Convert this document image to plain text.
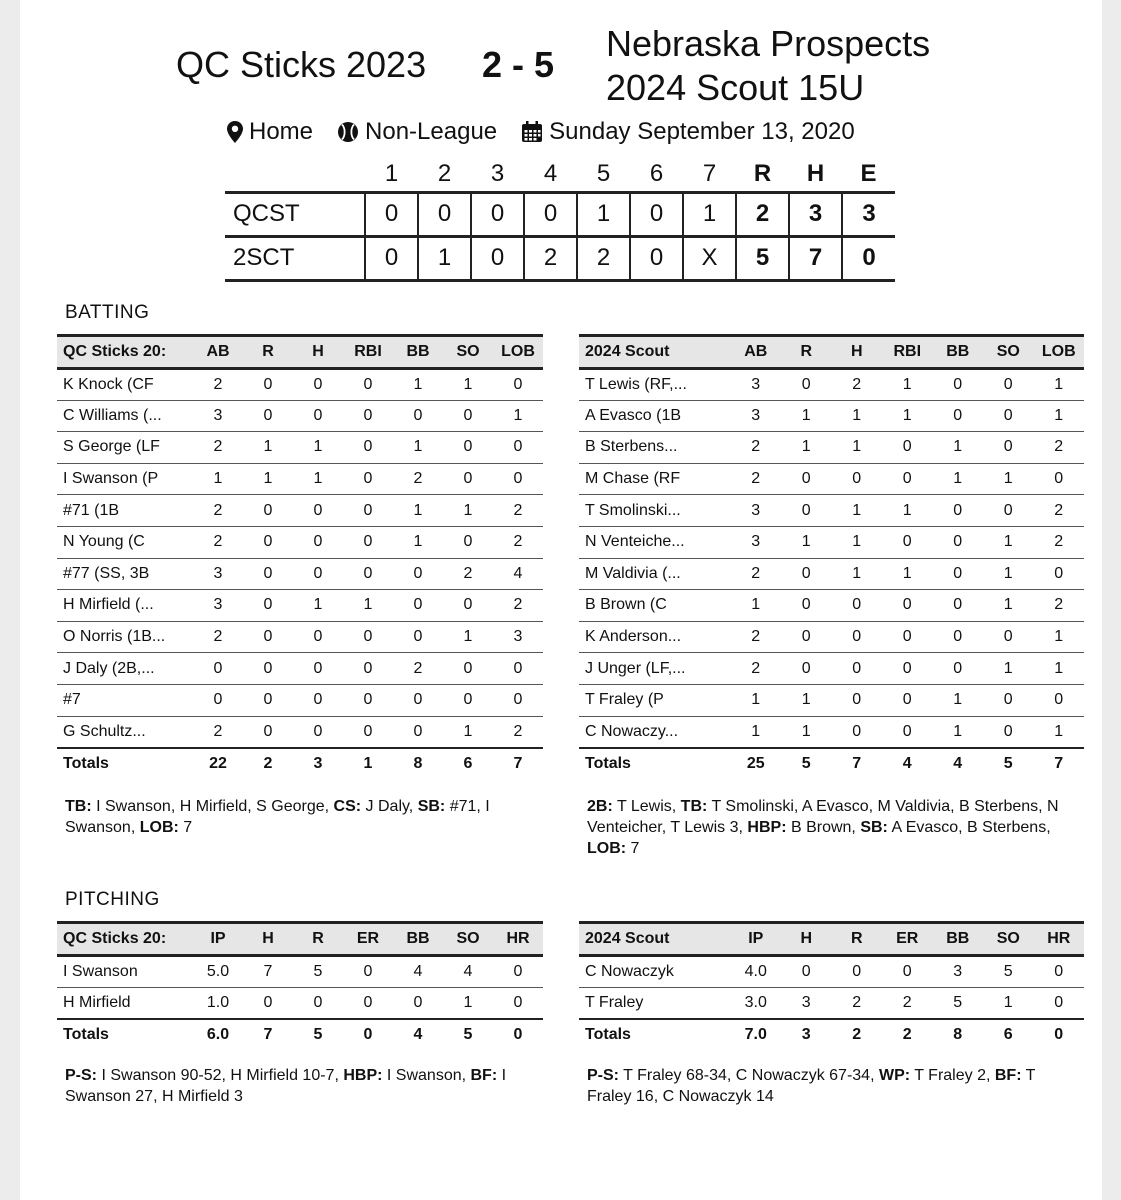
QC Sticks 2023 2 - 5
Nebraska Prospects
2024 Scout 15U
Home Non-League Sunday September 13, 2020
	1	2	3	4	5	6	7	R	H	E
QCST	0	0	0	0	1	0	1	2	3	3
2SCT	0	1	0	2	2	0	X	5	7	0
BATTING
QC Sticks 20:	AB	R	H	RBI	BB	SO	LOB
K Knock (CF	2	0	0	0	1	1	0
C Williams (...	3	0	0	0	0	0	1
S George (LF	2	1	1	0	1	0	0
I Swanson (P	1	1	1	0	2	0	0
#71 (1B	2	0	0	0	1	1	2
N Young (C	2	0	0	0	1	0	2
#77 (SS, 3B	3	0	0	0	0	2	4
H Mirfield (...	3	0	1	1	0	0	2
O Norris (1B...	2	0	0	0	0	1	3
J Daly (2B,...	0	0	0	0	2	0	0
#7	0	0	0	0	0	0	0
G Schultz...	2	0	0	0	0	1	2
Totals	22	2	3	1	8	6	7
2024 Scout	AB	R	H	RBI	BB	SO	LOB
T Lewis (RF,...	3	0	2	1	0	0	1
A Evasco (1B	3	1	1	1	0	0	1
B Sterbens...	2	1	1	0	1	0	2
M Chase (RF	2	0	0	0	1	1	0
T Smolinski...	3	0	1	1	0	0	2
N Venteiche...	3	1	1	0	0	1	2
M Valdivia (...	2	0	1	1	0	1	0
B Brown (C	1	0	0	0	0	1	2
K Anderson...	2	0	0	0	0	0	1
J Unger (LF,...	2	0	0	0	0	1	1
T Fraley (P	1	1	0	0	1	0	0
C Nowaczy...	1	1	0	0	1	0	1
Totals	25	5	7	4	4	5	7
TB: I Swanson, H Mirfield, S George, CS: J Daly, SB: #71, I Swanson, LOB: 7
2B: T Lewis, TB: T Smolinski, A Evasco, M Valdivia, B Sterbens, N Venteicher, T Lewis 3, HBP: B Brown, SB: A Evasco, B Sterbens, LOB: 7
PITCHING
QC Sticks 20:	IP	H	R	ER	BB	SO	HR
I Swanson	5.0	7	5	0	4	4	0
H Mirfield	1.0	0	0	0	0	1	0
Totals	6.0	7	5	0	4	5	0
2024 Scout	IP	H	R	ER	BB	SO	HR
C Nowaczyk	4.0	0	0	0	3	5	0
T Fraley	3.0	3	2	2	5	1	0
Totals	7.0	3	2	2	8	6	0
P-S: I Swanson 90-52, H Mirfield 10-7, HBP: I Swanson, BF: I Swanson 27, H Mirfield 3
P-S: T Fraley 68-34, C Nowaczyk 67-34, WP: T Fraley 2, BF: T Fraley 16, C Nowaczyk 14
